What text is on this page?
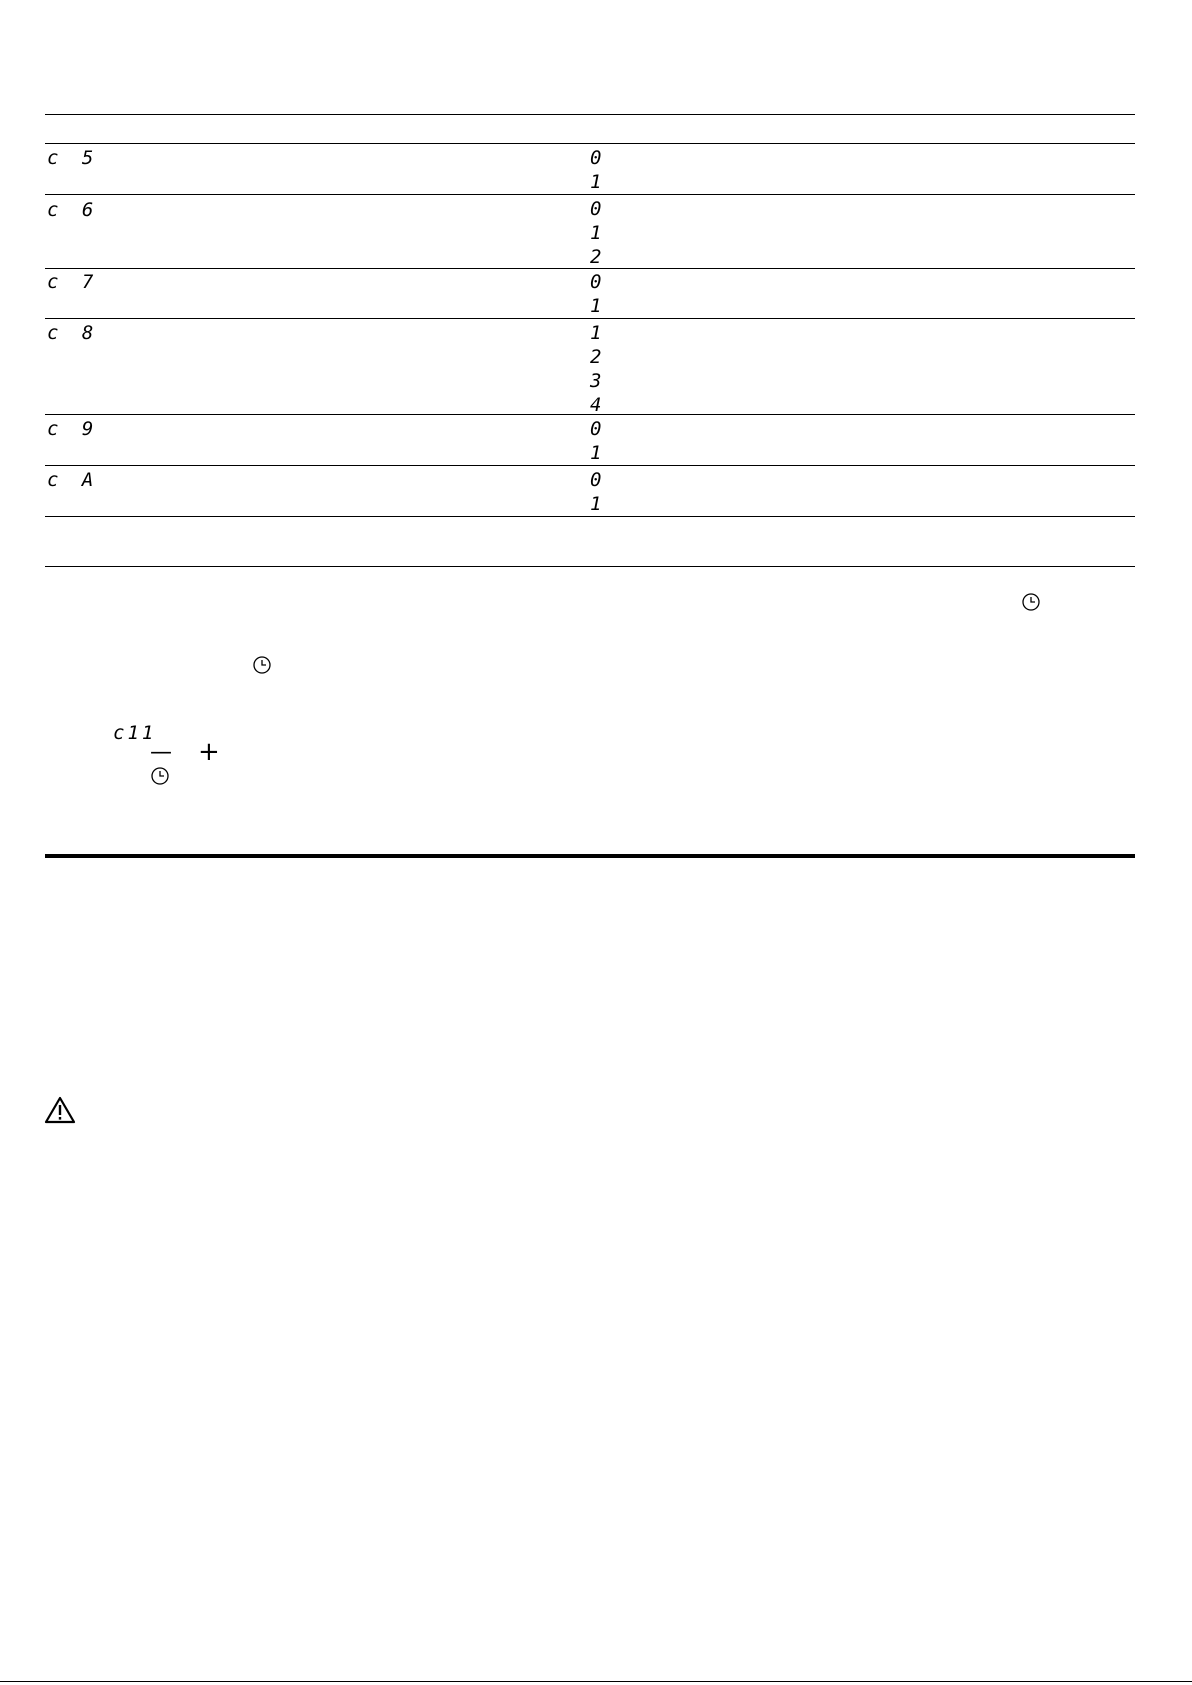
c 5	0
1
c 6	0
1
2
c 7	0
1
c 8	1
2
3
4
c 9	0
1
c A	0
1
c11
— +
